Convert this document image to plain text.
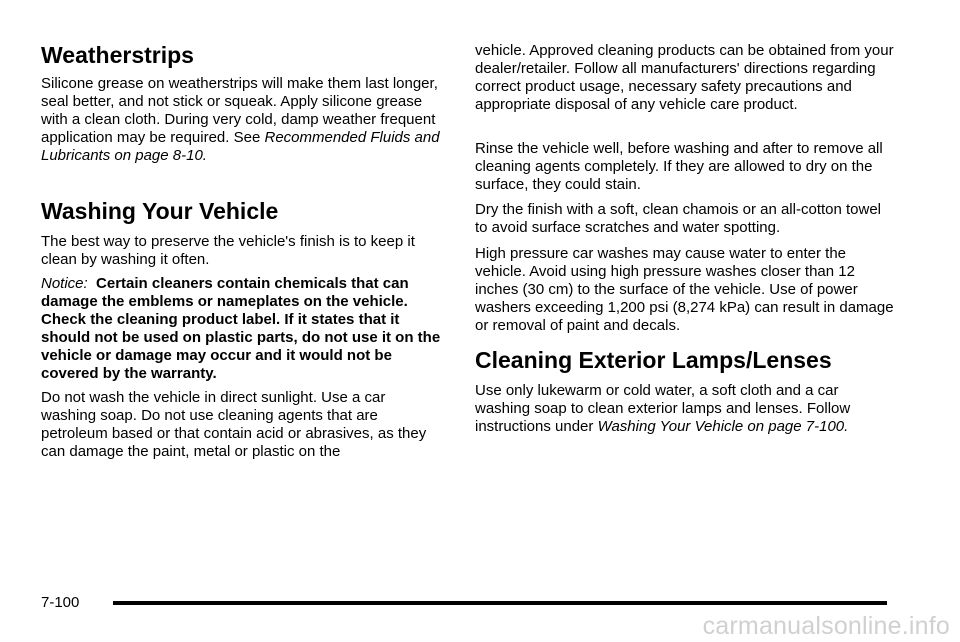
Weatherstrips

Silicone grease on weatherstrips will make them last longer, seal better, and not stick or squeak. Apply silicone grease with a clean cloth. During very cold, damp weather frequent application may be required. See Recommended Fluids and Lubricants on page 8-10.

Washing Your Vehicle

The best way to preserve the vehicle's finish is to keep it clean by washing it often.

Notice: Certain cleaners contain chemicals that can damage the emblems or nameplates on the vehicle. Check the cleaning product label. If it states that it should not be used on plastic parts, do not use it on the vehicle or damage may occur and it would not be covered by the warranty.

Do not wash the vehicle in direct sunlight. Use a car washing soap. Do not use cleaning agents that are petroleum based or that contain acid or abrasives, as they can damage the paint, metal or plastic on the

vehicle. Approved cleaning products can be obtained from your dealer/retailer. Follow all manufacturers' directions regarding correct product usage, necessary safety precautions and appropriate disposal of any vehicle care product.

Rinse the vehicle well, before washing and after to remove all cleaning agents completely. If they are allowed to dry on the surface, they could stain.

Dry the finish with a soft, clean chamois or an all-cotton towel to avoid surface scratches and water spotting.

High pressure car washes may cause water to enter the vehicle. Avoid using high pressure washes closer than 12 inches (30 cm) to the surface of the vehicle. Use of power washers exceeding 1,200 psi (8,274 kPa) can result in damage or removal of paint and decals.

Cleaning Exterior Lamps/Lenses

Use only lukewarm or cold water, a soft cloth and a car washing soap to clean exterior lamps and lenses. Follow instructions under Washing Your Vehicle on page 7-100.

7-100
carmanualsonline.info
